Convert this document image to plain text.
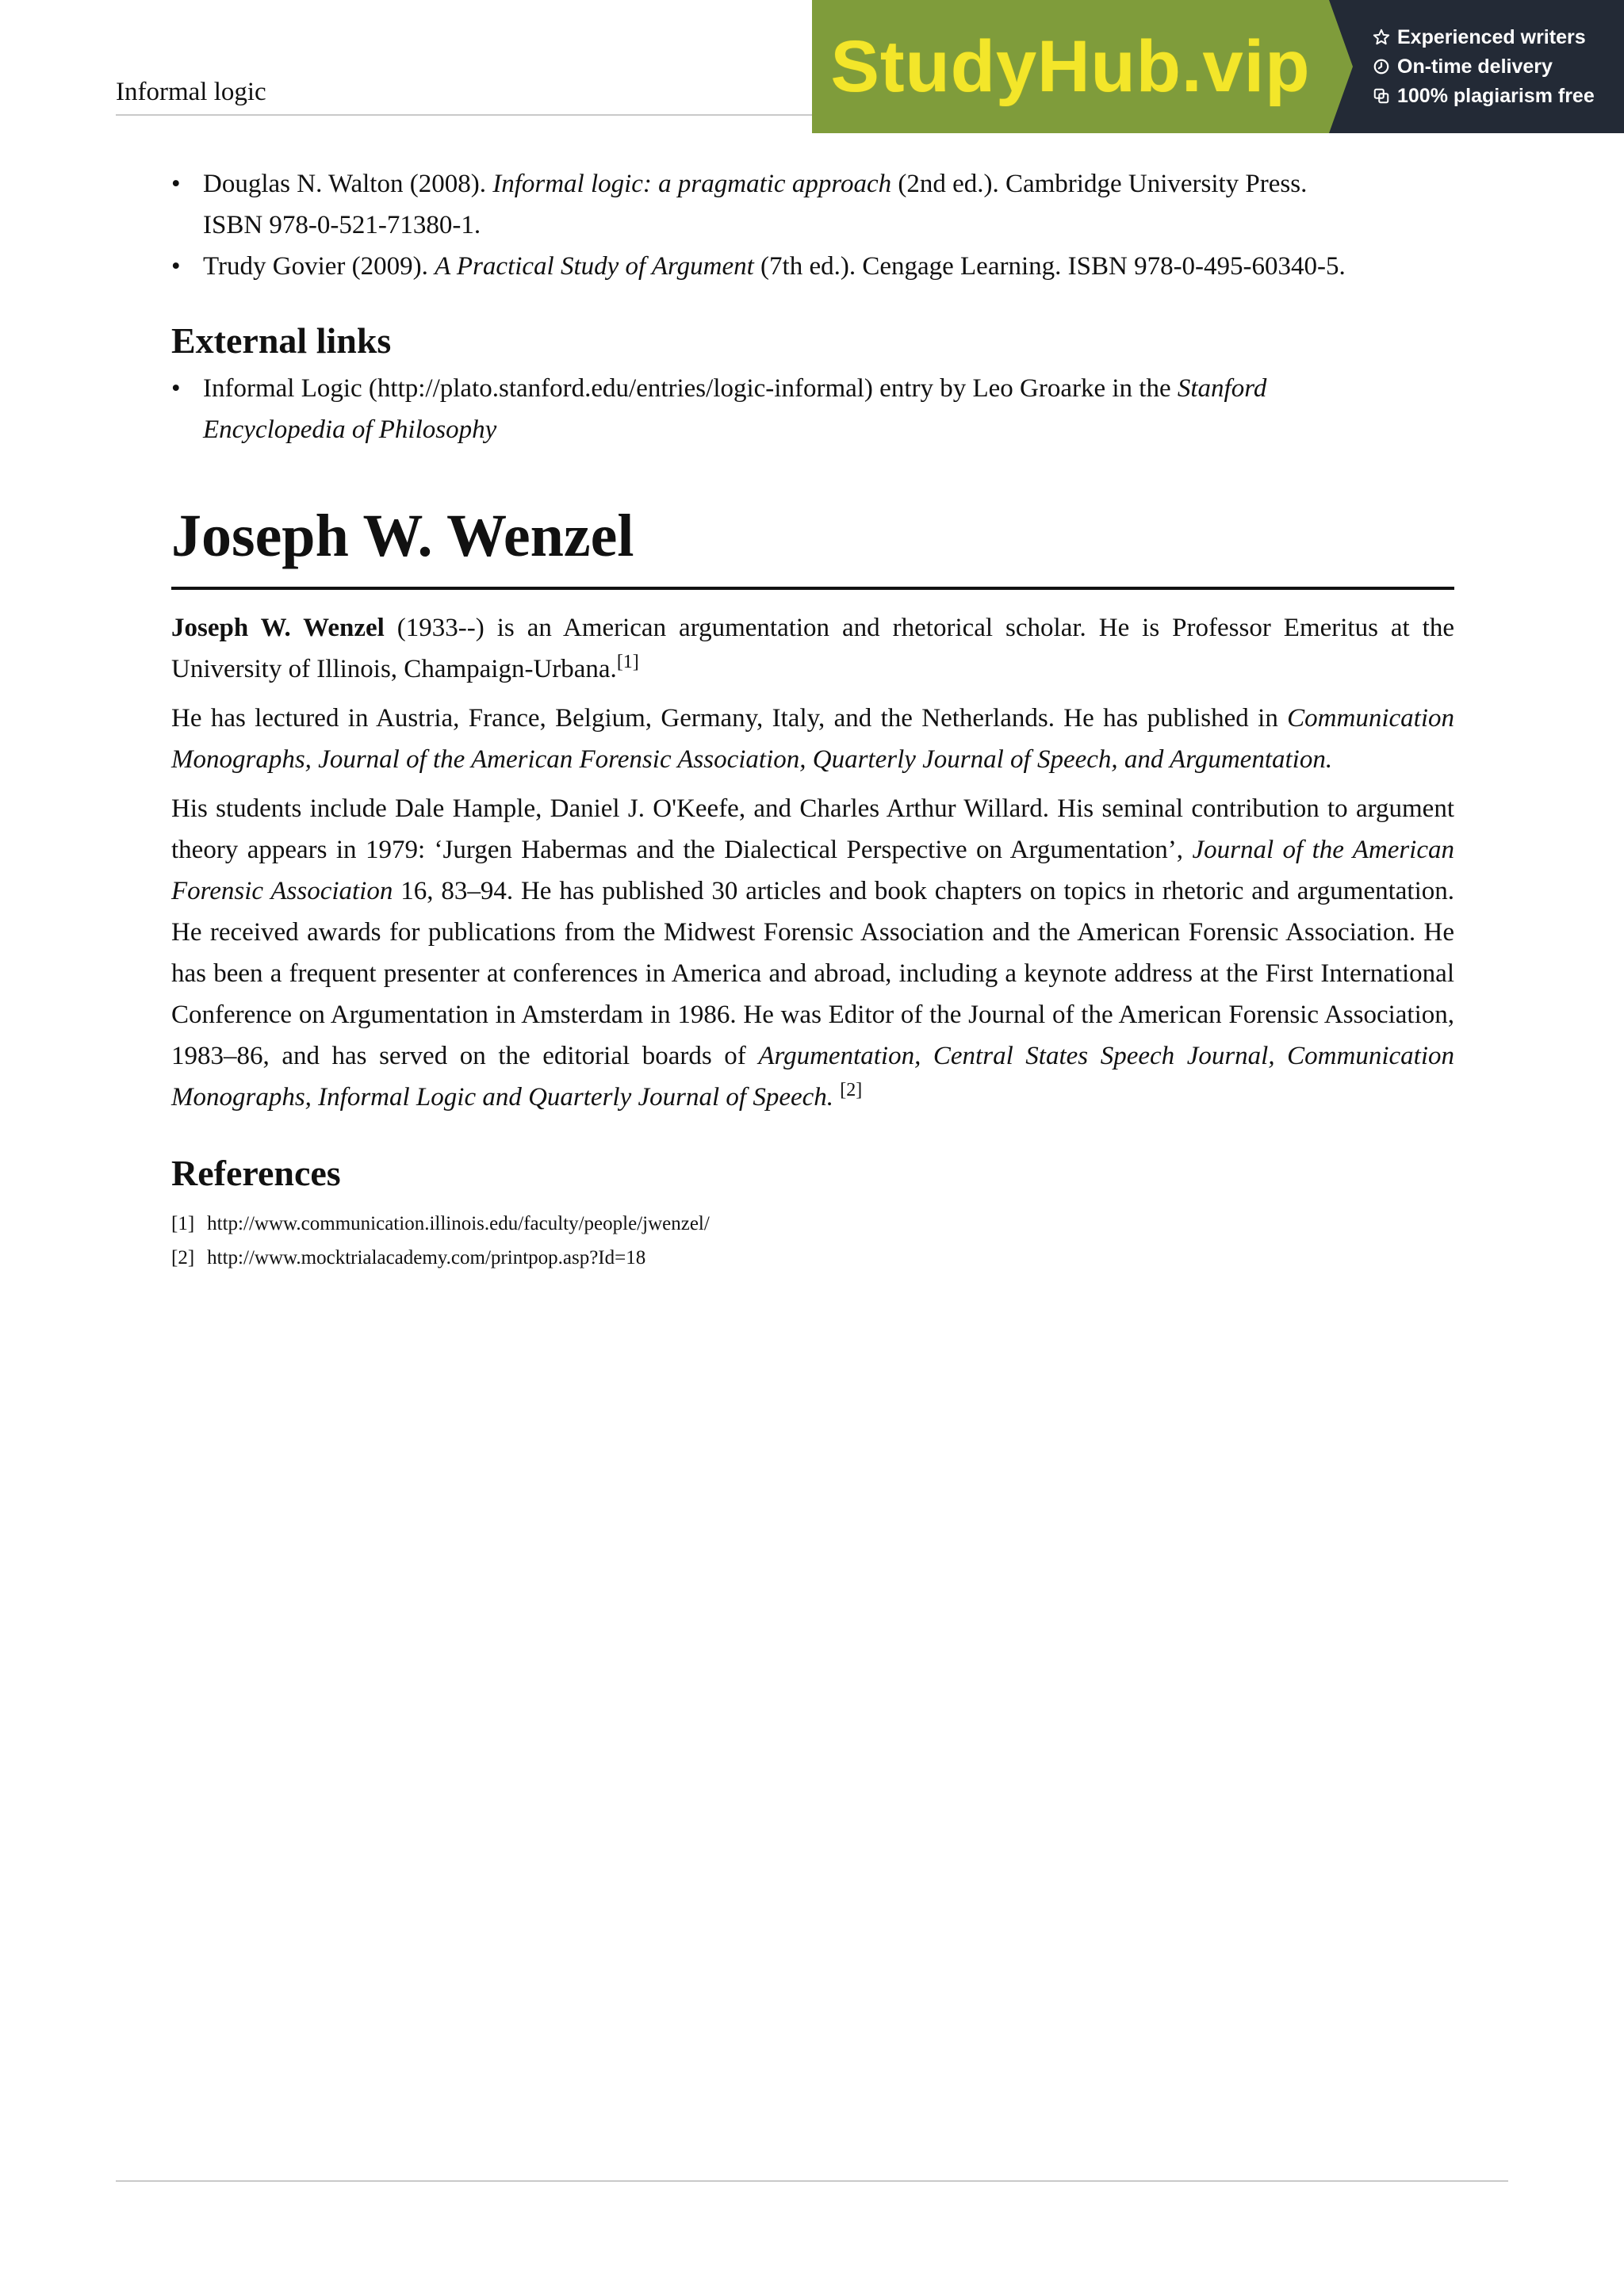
Informal logic	StudyHub.vip	Experienced writers
On-time delivery
100% plagiarism free
• Douglas N. Walton (2008). Informal logic: a pragmatic approach (2nd ed.). Cambridge University Press.
ISBN 978-0-521-71380-1.
• Trudy Govier (2009). A Practical Study of Argument (7th ed.). Cengage Learning. ISBN 978-0-495-60340-5.
External links
• Informal Logic (http://plato.stanford.edu/entries/logic-informal) entry by Leo Groarke in the Stanford
Encyclopedia of Philosophy
Joseph W. Wenzel

Joseph W. Wenzel (1933--) is an American argumentation and rhetorical scholar. He is Professor Emeritus at the University of Illinois, Champaign-Urbana.[1]

He has lectured in Austria, France, Belgium, Germany, Italy, and the Netherlands. He has published in Communication Monographs, Journal of the American Forensic Association, Quarterly Journal of Speech, and Argumentation.

His students include Dale Hample, Daniel J. O'Keefe, and Charles Arthur Willard. His seminal contribution to argument theory appears in 1979: ‘Jurgen Habermas and the Dialectical Perspective on Argumentation’, Journal of the American Forensic Association 16, 83–94. He has published 30 articles and book chapters on topics in rhetoric and argumentation. He received awards for publications from the Midwest Forensic Association and the American Forensic Association. He has been a frequent presenter at conferences in America and abroad, including a keynote address at the First International Conference on Argumentation in Amsterdam in 1986. He was Editor of the Journal of the American Forensic Association, 1983–86, and has served on the editorial boards of Argumentation, Central States Speech Journal, Communication Monographs, Informal Logic and Quarterly Journal of Speech. [2]

References
[1] http://www.communication.illinois.edu/faculty/people/jwenzel/
[2] http://www.mocktrialacademy.com/printpop.asp?Id=18
